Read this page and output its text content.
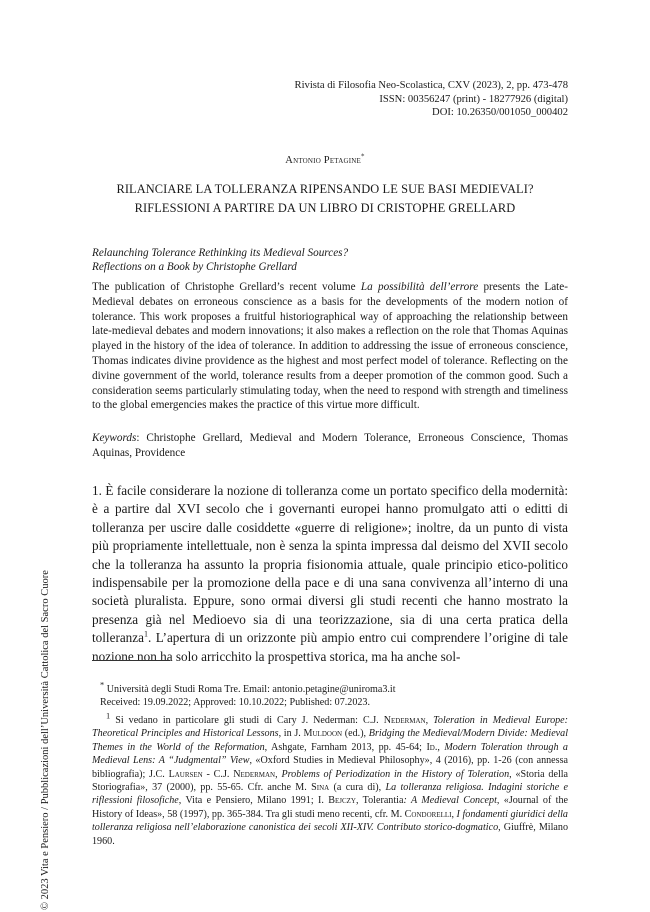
Rivista di Filosofia Neo-Scolastica, CXV (2023), 2, pp. 473-478
ISSN: 00356247 (print) - 18277926 (digital)
DOI: 10.26350/001050_000402
Antonio Petagine*
RILANCIARE LA TOLLERANZA RIPENSANDO LE SUE BASI MEDIEVALI?
RIFLESSIONI A PARTIRE DA UN LIBRO DI CRISTOPHE GRELLARD
Relaunching Tolerance Rethinking its Medieval Sources?
Reflections on a Book by Christophe Grellard
The publication of Christophe Grellard’s recent volume La possibilità dell’errore presents the Late-Medieval debates on erroneous conscience as a basis for the developments of the modern notion of tolerance. This work proposes a fruitful historiographical way of approaching the relationship between late-medieval debates and modern innovations; it also makes a reflection on the role that Thomas Aquinas played in the history of the idea of tolerance. In addition to addressing the issue of erroneous conscience, Thomas indicates divine providence as the highest and most perfect model of tolerance. Reflecting on the divine government of the world, tolerance results from a deeper promotion of the common good. Such a consideration seems particularly stimulating today, when the need to respond with strength and timeliness to the global emergencies makes the practice of this virtue more difficult.
Keywords: Christophe Grellard, Medieval and Modern Tolerance, Erroneous Conscience, Thomas Aquinas, Providence
1. È facile considerare la nozione di tolleranza come un portato specifico della modernità: è a partire dal XVI secolo che i governanti europei hanno promulgato atti o editti di tolleranza per uscire dalle cosiddette «guerre di religione»; inoltre, da un punto di vista più propriamente intellettuale, non è senza la spinta impressa dal deismo del XVII secolo che la tolleranza ha assunto la propria fisionomia attuale, quale principio etico-politico indispensabile per la promozione della pace e di una sana convivenza all’interno di una società pluralista. Eppure, sono ormai diversi gli studi recenti che hanno mostrato la presenza già nel Medioevo sia di una teorizzazione, sia di una certa pratica della tolleranza$^1$. L’apertura di un orizzonte più ampio entro cui comprendere l’origine di tale nozione non ha solo arricchito la prospettiva storica, ma ha anche sol-
* Università degli Studi Roma Tre. Email: antonio.petagine@uniroma3.it
Received: 19.09.2022; Approved: 10.10.2022; Published: 07.2023.
$^1$ Si vedano in particolare gli studi di Cary J. Nederman: C.J. Nederman, Toleration in Medieval Europe: Theoretical Principles and Historical Lessons, in J. Muldoon (ed.), Bridging the Medieval/Modern Divide: Medieval Themes in the World of the Reformation, Ashgate, Farnham 2013, pp. 45-64; Id., Modern Toleration through a Medieval Lens: A “Judgmental” View, «Oxford Studies in Medieval Philosophy», 4 (2016), pp. 1-26 (con annessa bibliografia); J.C. Laursen - C.J. Nederman, Problems of Periodization in the History of Toleration, «Storia della Storiografia», 37 (2000), pp. 55-65. Cfr. anche M. Sina (a cura di), La tolleranza religiosa. Indagini storiche e riflessioni filosofiche, Vita e Pensiero, Milano 1991; I. Bejczy, Tolerantia: A Medieval Concept, «Journal of the History of Ideas», 58 (1997), pp. 365-384. Tra gli studi meno recenti, cfr. M. Condorelli, I fondamenti giuridici della tolleranza religiosa nell’elaborazione canonistica dei secoli XII-XIV. Contributo storico-dogmatico, Giuffrè, Milano 1960.
© 2023 Vita e Pensiero / Pubblicazioni dell’Università Cattolica del Sacro Cuore
